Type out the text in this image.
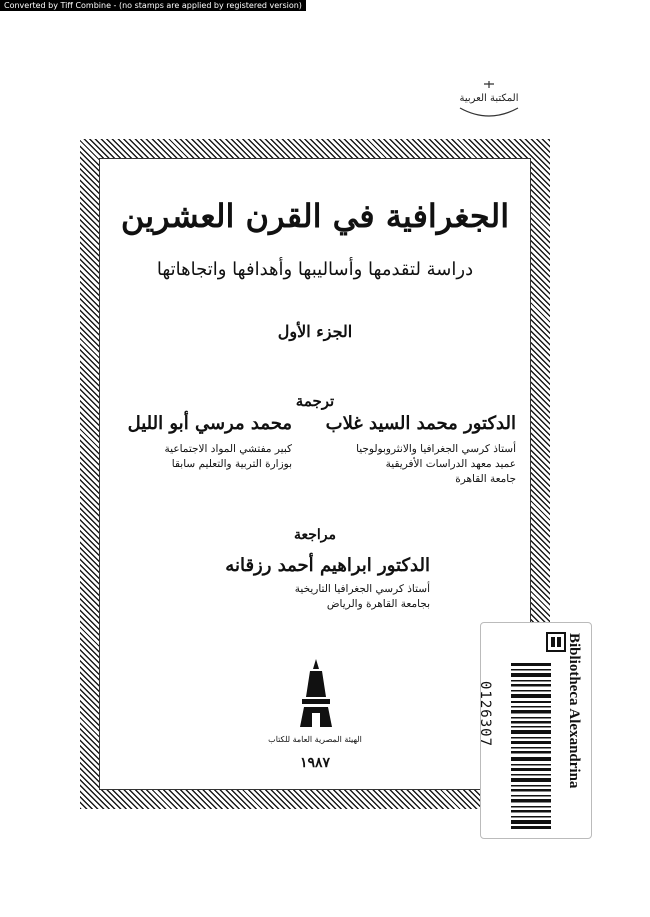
Converted by Tiff Combine - (no stamps are applied by registered version)
المكتبة العربية
الجغرافية في القرن العشرين
دراسة لتقدمها وأساليبها وأهدافها واتجاهاتها
الجزء الأول
ترجمة
الدكتور محمد السيد غلاب
أستاذ كرسي الجغرافيا والانثروبولوجيا
عميد معهد الدراسات الأفريقية
جامعة القاهرة
محمد مرسي أبو الليل
كبير مفتشي المواد الاجتماعية
بوزارة التربية والتعليم سابقا
مراجعة
الدكتور ابراهيم أحمد رزقانه
أستاذ كرسي الجغرافيا التاريخية
بجامعة القاهرة والرياض
الهيئة المصرية العامة للكتاب
١٩٨٧	Bibliotheca Alexandrina
0126307
